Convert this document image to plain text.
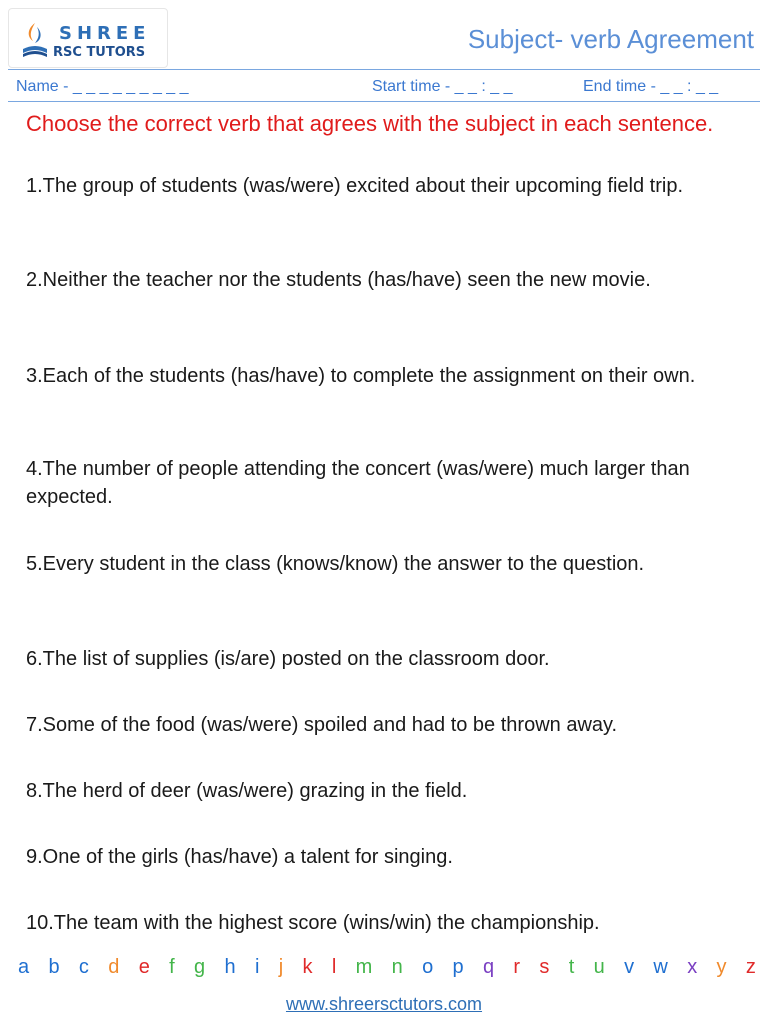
SHREE
RSC TUTORS	Subject- verb Agreement
Name - _ _ _ _ _ _ _ _ _	Start time - _ _ : _ _	End time - _ _ : _ _
Choose the correct verb that agrees with the subject in each sentence.
1.The group of students (was/were) excited about their upcoming field trip.
2.Neither the teacher nor the students (has/have) seen the new movie.
3.Each of the students (has/have) to complete the assignment on their own.
4.The number of people attending the concert (was/were) much larger than expected.
5.Every student in the class (knows/know) the answer to the question.
6.The list of supplies (is/are) posted on the classroom door.
7.Some of the food (was/were) spoiled and had to be thrown away.
8.The herd of deer (was/were) grazing in the field.
9.One of the girls (has/have) a talent for singing.
10.The team with the highest score (wins/win) the championship.
a b c d e f g h i j k l m n o p q r s t u v w x y z
www.shreersctutors.com
